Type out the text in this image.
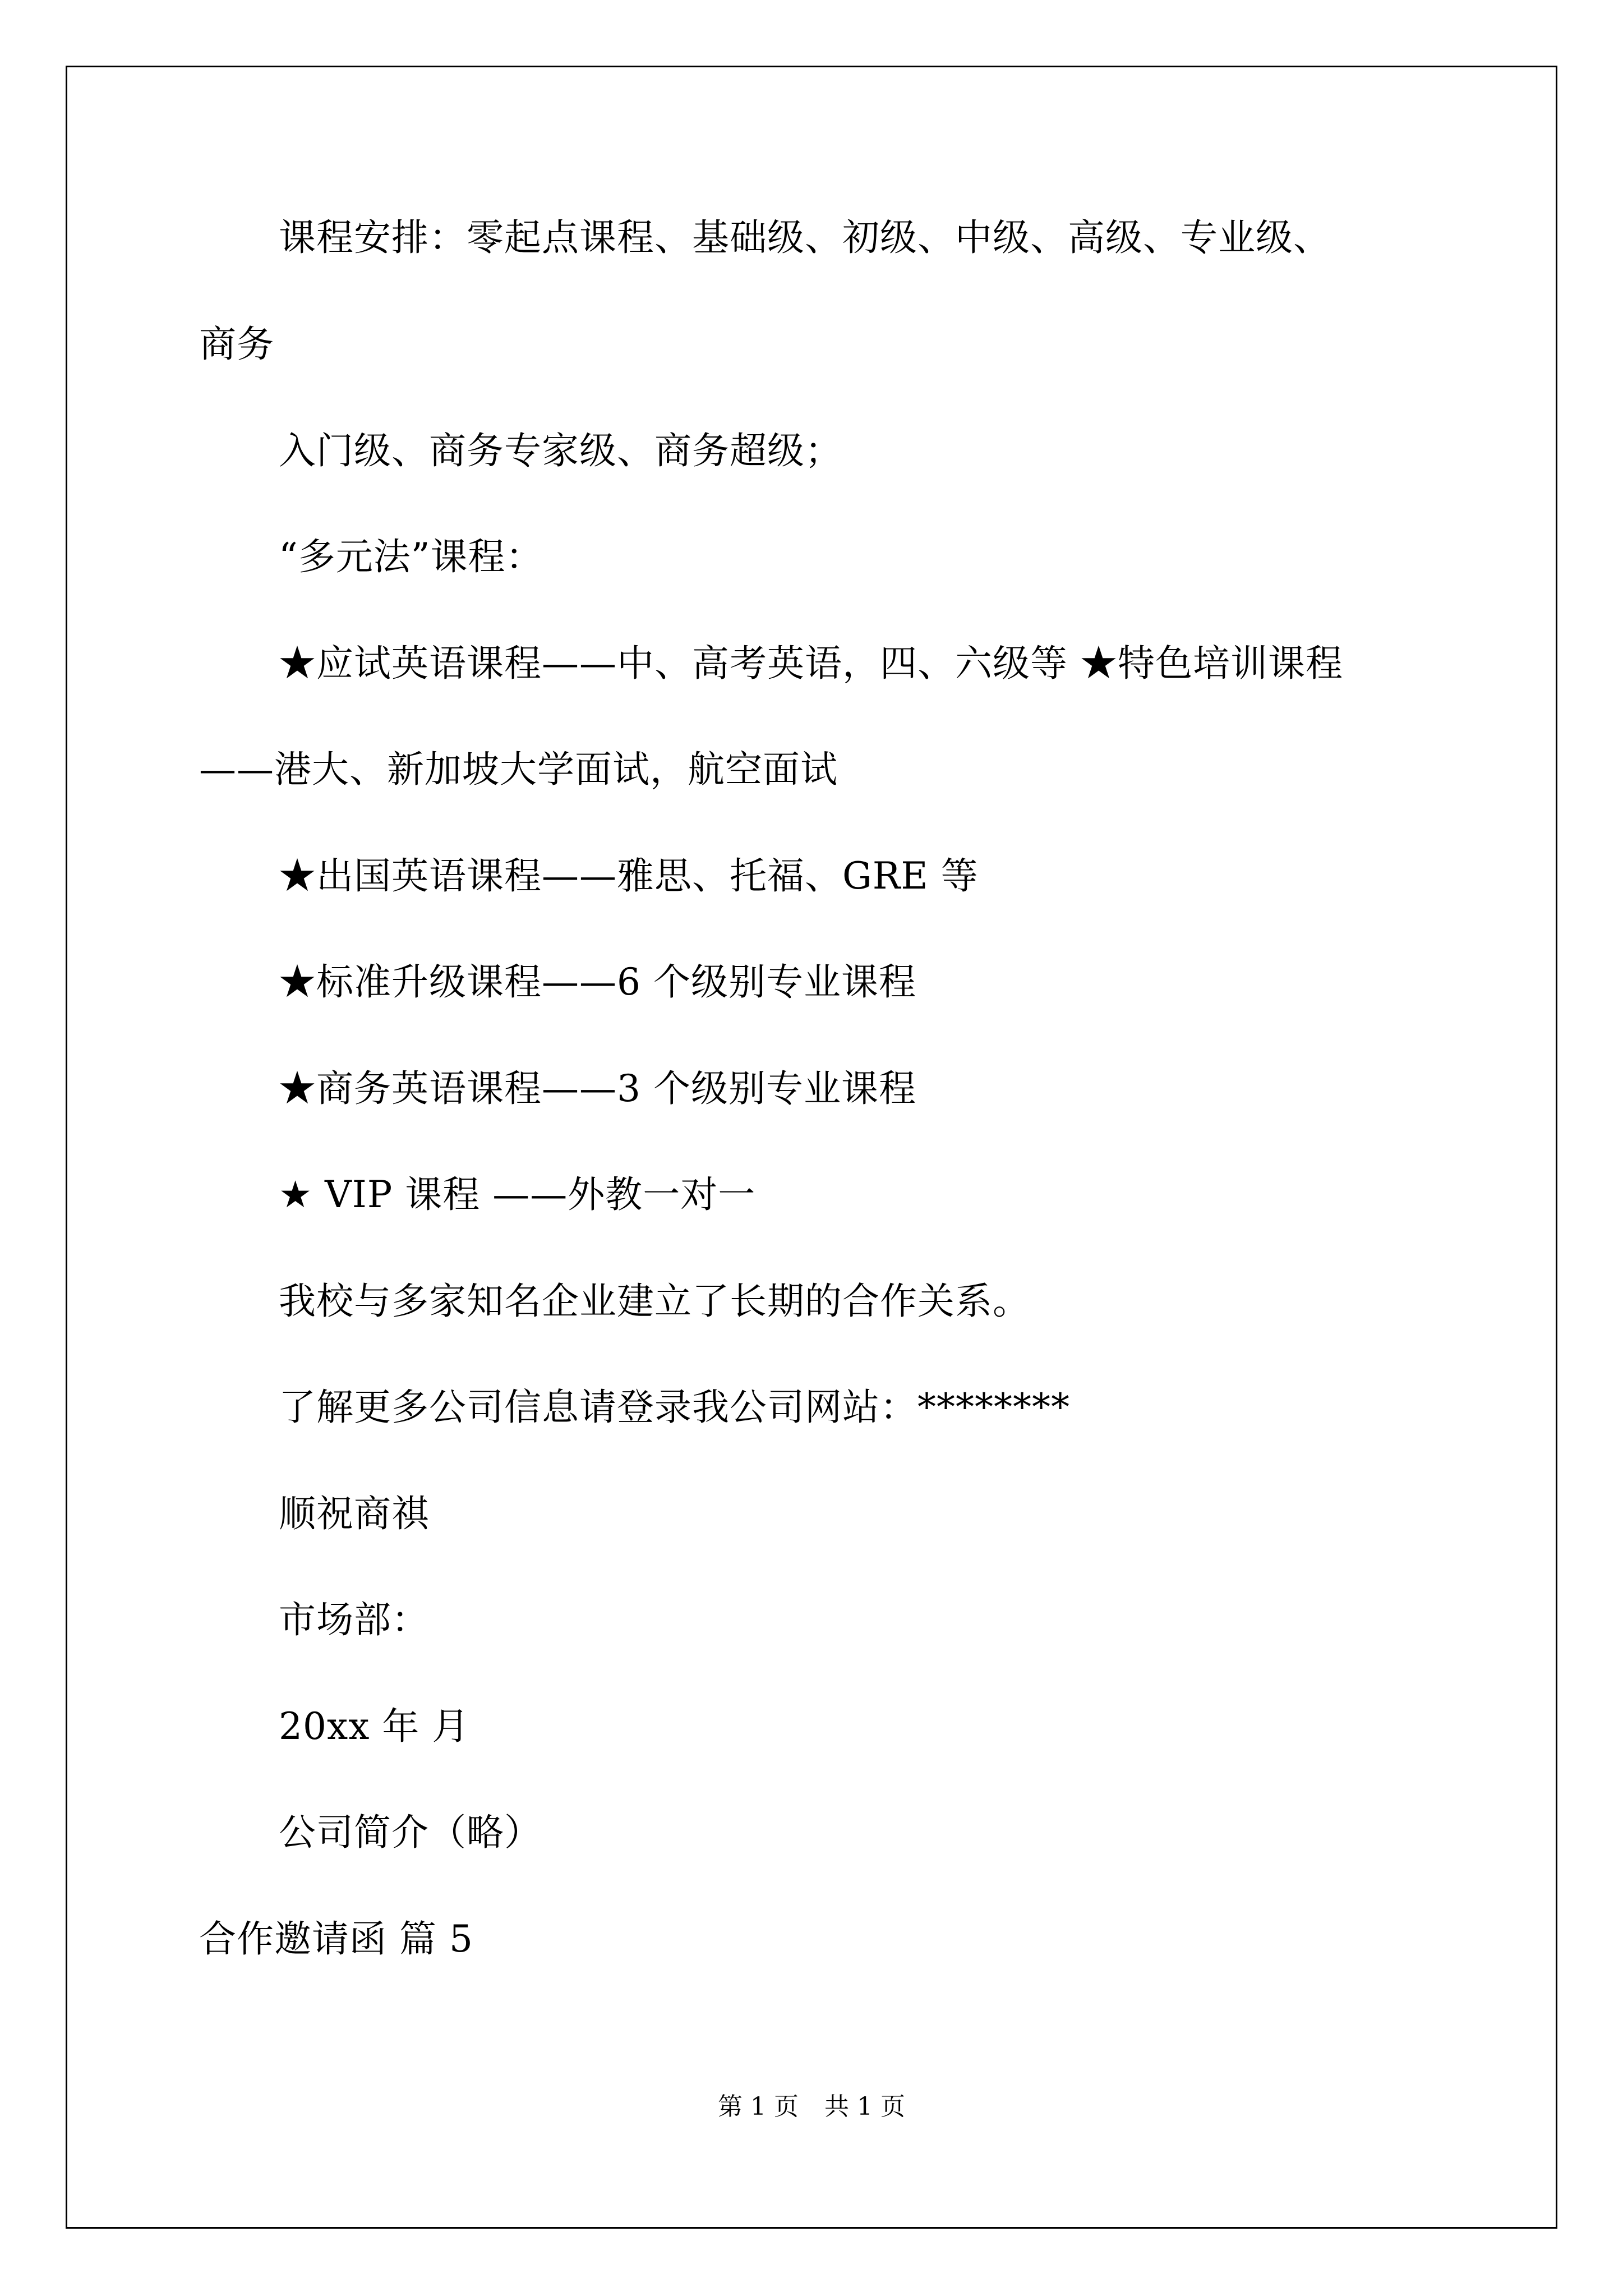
课程安排：零起点课程、基础级、初级、中级、高级、专业级、
商务
入门级、商务专家级、商务超级；
“多元法”课程：
★应试英语课程——中、高考英语，四、六级等 ★特色培训课程
——港大、新加坡大学面试，航空面试
★出国英语课程——雅思、托福、GRE 等
★标准升级课程——6 个级别专业课程
★商务英语课程——3 个级别专业课程
★ VIP 课程 ——外教一对一
我校与多家知名企业建立了长期的合作关系。
了解更多公司信息请登录我公司网站：********
顺祝商祺
市场部：
20xx 年 月
公司简介（略）
合作邀请函 篇 5
第 1 页 共 1 页
